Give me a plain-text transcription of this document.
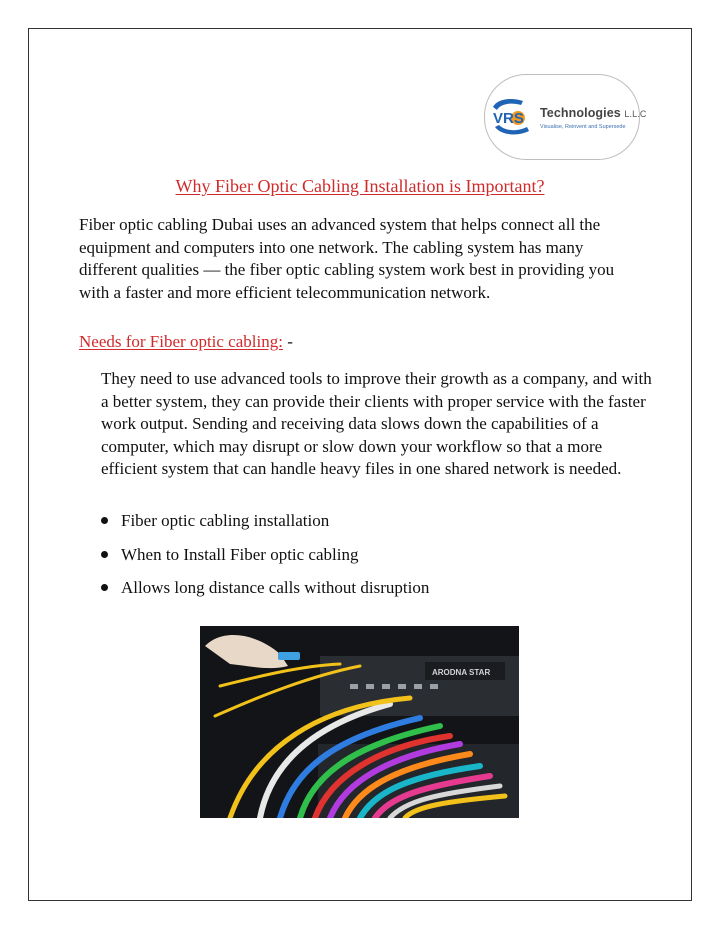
VRS Technologies L.L.C
Visualise, Reinvent and Supersede
Why Fiber Optic Cabling Installation is Important?

Fiber optic cabling Dubai uses an advanced system that helps connect all the equipment and computers into one network. The cabling system has many different qualities — the fiber optic cabling system work best in providing you with a faster and more efficient telecommunication network.

Needs for Fiber optic cabling: -

They need to use advanced tools to improve their growth as a company, and with a better system, they can provide their clients with proper service with the faster work output. Sending and receiving data slows down the capabilities of a computer, which may disrupt or slow down your workflow so that a more efficient system that can handle heavy files in one shared network is needed.

Fiber optic cabling installation
When to Install Fiber optic cabling
Allows long distance calls without disruption
ARODNA STAR
